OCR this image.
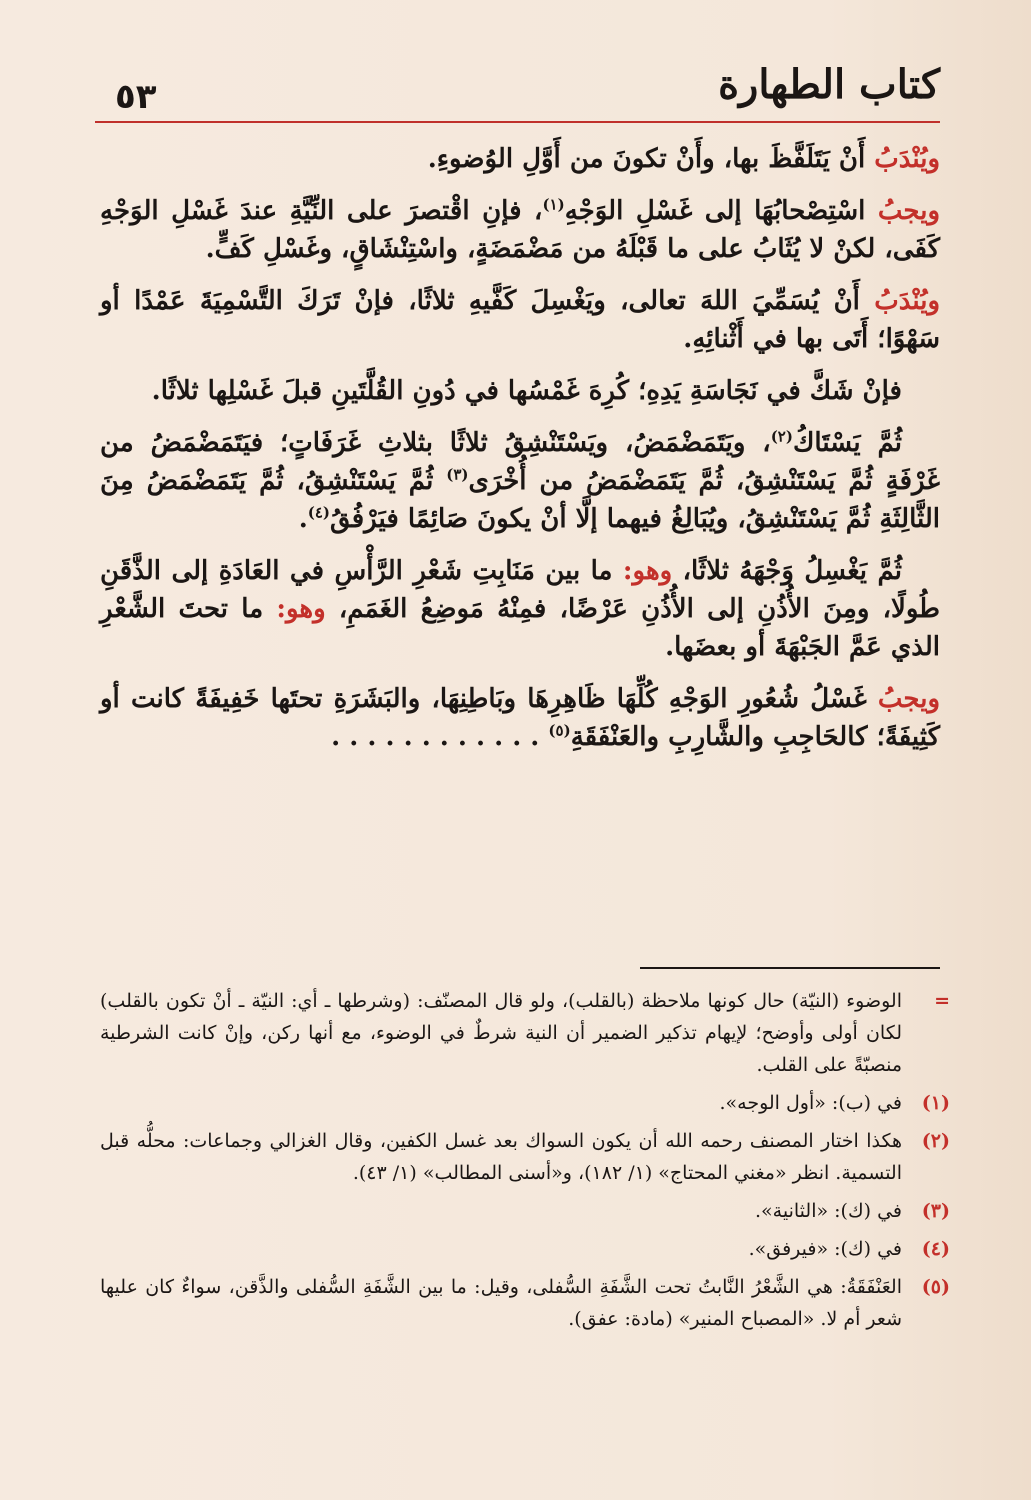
٥٣	كتاب الطهارة

ويُنْدَبُ أَنْ يَتَلَفَّظَ بها، وأَنْ تكونَ من أَوَّلِ الوُضوءِ.

ويجبُ اسْتِصْحابُهَا إلى غَسْلِ الوَجْهِ$^{(١)}$، فإنِ اقْتصرَ على النِّيَّةِ عندَ غَسْلِ الوَجْهِ كَفَى، لكنْ لا يُثَابُ على ما قَبْلَهُ من مَضْمَضَةٍ، واسْتِنْشَاقٍ، وغَسْلِ كَفٍّ.

ويُنْدَبُ أَنْ يُسَمِّيَ اللهَ تعالى، ويَغْسِلَ كَفَّيهِ ثلاثًا، فإنْ تَرَكَ التَّسْمِيَةَ عَمْدًا أو سَهْوًا؛ أَتَى بها في أَثْنائِهِ.

فإنْ شَكَّ في نَجَاسَةِ يَدِهِ؛ كُرِهَ غَمْسُها في دُونِ القُلَّتَينِ قبلَ غَسْلِها ثلاثًا.

ثُمَّ يَسْتَاكُ$^{(٢)}$، ويَتَمَضْمَضُ، ويَسْتَنْشِقُ ثلاثًا بثلاثِ غَرَفَاتٍ؛ فيَتَمَضْمَضُ من غَرْفَةٍ ثُمَّ يَسْتَنْشِقُ، ثُمَّ يَتَمَضْمَضُ من أُخْرَى$^{(٣)}$ ثُمَّ يَسْتَنْشِقُ، ثُمَّ يَتَمَضْمَضُ مِنَ الثَّالِثَةِ ثُمَّ يَسْتَنْشِقُ، ويُبَالِغُ فيهما إلَّا أنْ يكونَ صَائِمًا فيَرْفُقُ$^{(٤)}$.

ثُمَّ يَغْسِلُ وَجْهَهُ ثلاثًا، وهو: ما بين مَنَابِتِ شَعْرِ الرَّأْسِ في العَادَةِ إلى الذَّقَنِ طُولًا، ومِنَ الأُذُنِ إلى الأُذُنِ عَرْضًا، فمِنْهُ مَوضِعُ الغَمَمِ، وهو: ما تحتَ الشَّعْرِ الذي عَمَّ الجَبْهَةَ أو بعضَها.

ويجبُ غَسْلُ شُعُورِ الوَجْهِ كُلِّهَا ظَاهِرِهَا وبَاطِنِهَا، والبَشَرَةِ تحتَها خَفِيفَةً كانت أو كَثِيفَةً؛ كالحَاجِبِ والشَّارِبِ والعَنْفَقَةِ$^{(٥)}$ . . . . . . . . . . . .

=
الوضوء (النيّة) حال كونها ملاحظة (بالقلب)، ولو قال المصنّف: (وشرطها ـ أي: النيّة ـ أنْ تكون بالقلب) لكان أولى وأوضح؛ لإيهام تذكير الضمير أن النية شرطٌ في الوضوء، مع أنها ركن، وإنْ كانت الشرطية منصبّةً على القلب.
(١)
في (ب): «أول الوجه».
(٢)
هكذا اختار المصنف رحمه الله أن يكون السواك بعد غسل الكفين، وقال الغزالي وجماعات: محلُّه قبل التسمية. انظر «مغني المحتاج» (١/ ١٨٢)، و«أسنى المطالب» (١/ ٤٣).
(٣)
في (ك): «الثانية».
(٤)
في (ك): «فيرفق».
(٥)
العَنْفَقَةُ: هي الشَّعْرُ النَّابتُ تحت الشَّفَةِ السُّفلى، وقيل: ما بين الشَّفَةِ السُّفلى والذَّقن، سواءٌ كان عليها شعر أم لا. «المصباح المنير» (مادة: عفق).
